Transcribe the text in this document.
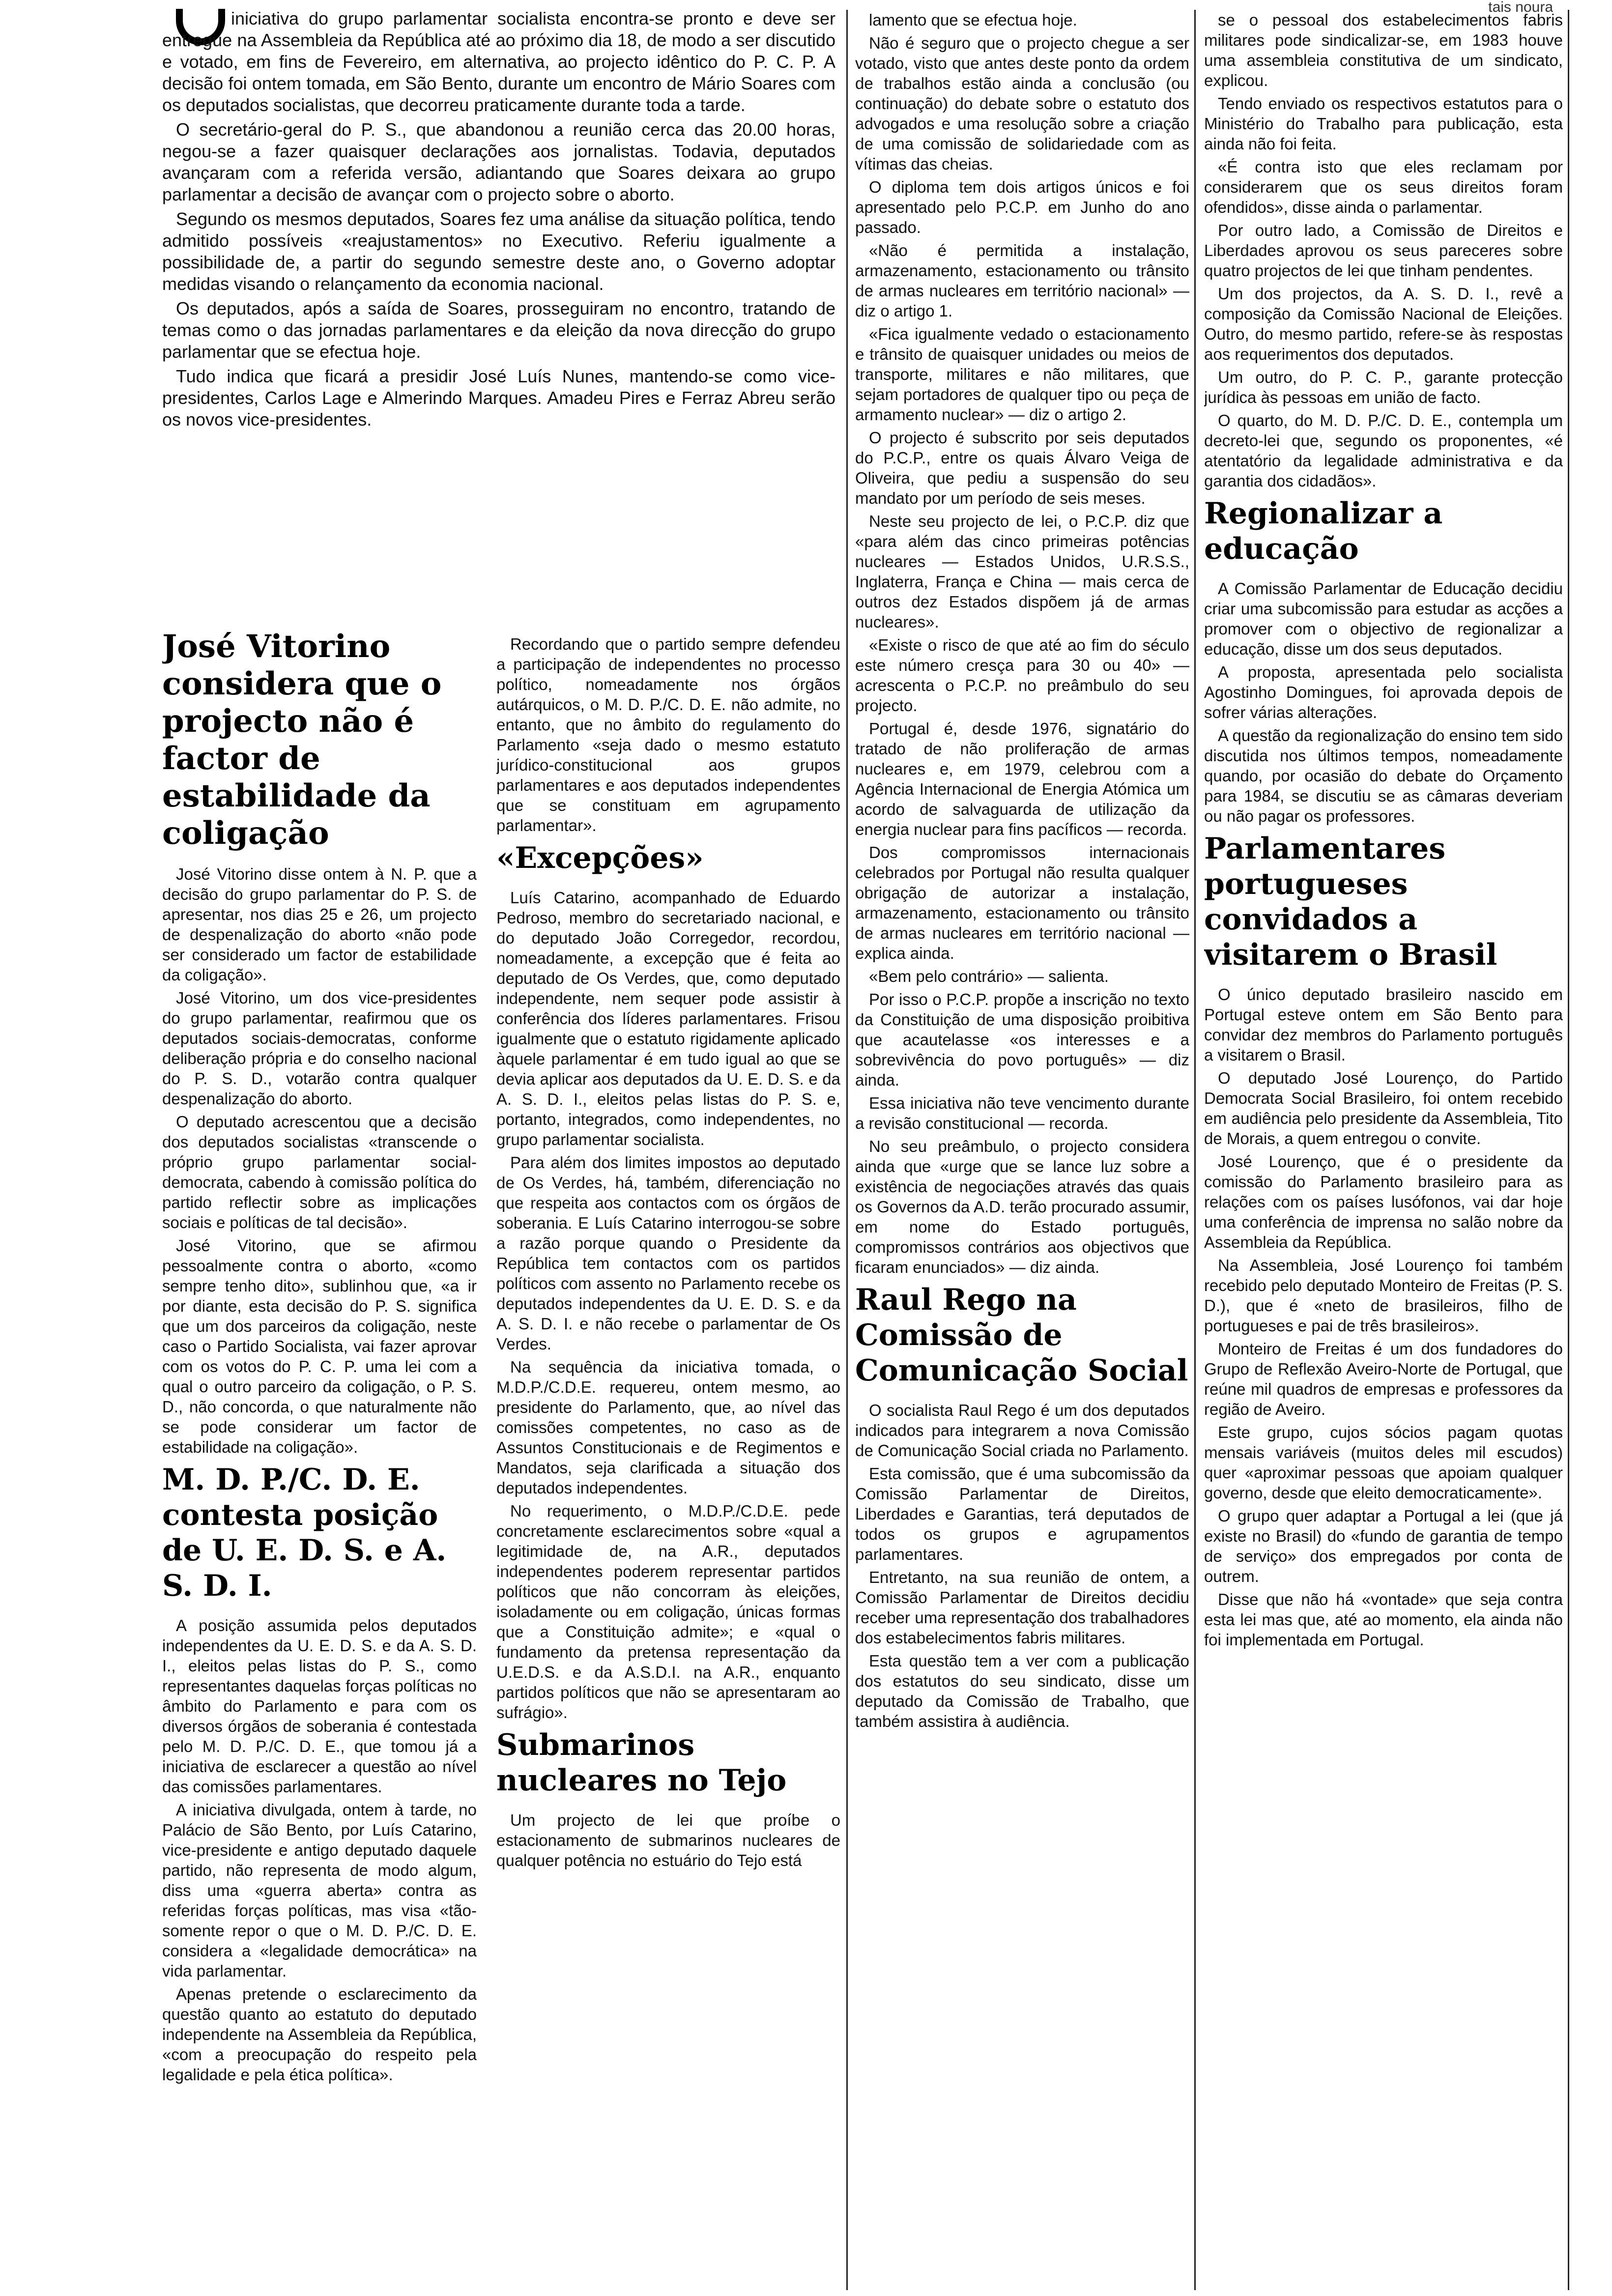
tais noura

iniciativa do grupo parlamentar socialista encontra-se pronto e deve ser entregue na Assembleia da República até ao próximo dia 18, de modo a ser discutido e votado, em fins de Fevereiro, em alternativa, ao projecto idêntico do P. C. P. A decisão foi ontem tomada, em São Bento, durante um encontro de Mário Soares com os deputados socialistas, que decorreu praticamente durante toda a tarde.

O secretário-geral do P. S., que abandonou a reunião cerca das 20.00 horas, negou-se a fazer quaisquer declarações aos jornalistas. Todavia, deputados avançaram com a referida versão, adiantando que Soares deixara ao grupo parlamentar a decisão de avançar com o projecto sobre o aborto.

Segundo os mesmos deputados, Soares fez uma análise da situação política, tendo admitido possíveis «reajustamentos» no Executivo. Referiu igualmente a possibilidade de, a partir do segundo semestre deste ano, o Governo adoptar medidas visando o relançamento da economia nacional.

Os deputados, após a saída de Soares, prosseguiram no encontro, tratando de temas como o das jornadas parlamentares e da eleição da nova direcção do grupo parlamentar que se efectua hoje.

Tudo indica que ficará a presidir José Luís Nunes, mantendo-se como vice-presidentes, Carlos Lage e Almerindo Marques. Amadeu Pires e Ferraz Abreu serão os novos vice-presidentes.

José Vitorino considera que o projecto não é factor de estabilidade da coligação

José Vitorino disse ontem à N. P. que a decisão do grupo parlamentar do P. S. de apresentar, nos dias 25 e 26, um projecto de despenalização do aborto «não pode ser considerado um factor de estabilidade da coligação».

José Vitorino, um dos vice-presidentes do grupo parlamentar, reafirmou que os deputados sociais-democratas, conforme deliberação própria e do conselho nacional do P. S. D., votarão contra qualquer despenalização do aborto.

O deputado acrescentou que a decisão dos deputados socialistas «transcende o próprio grupo parlamentar social-democrata, cabendo à comissão política do partido reflectir sobre as implicações sociais e políticas de tal decisão».

José Vitorino, que se afirmou pessoalmente contra o aborto, «como sempre tenho dito», sublinhou que, «a ir por diante, esta decisão do P. S. significa que um dos parceiros da coligação, neste caso o Partido Socialista, vai fazer aprovar com os votos do P. C. P. uma lei com a qual o outro parceiro da coligação, o P. S. D., não concorda, o que naturalmente não se pode considerar um factor de estabilidade na coligação».

M. D. P./C. D. E. contesta posição de U. E. D. S. e A. S. D. I.

A posição assumida pelos deputados independentes da U. E. D. S. e da A. S. D. I., eleitos pelas listas do P. S., como representantes daquelas forças políticas no âmbito do Parlamento e para com os diversos órgãos de soberania é contestada pelo M. D. P./C. D. E., que tomou já a iniciativa de esclarecer a questão ao nível das comissões parlamentares.

A iniciativa divulgada, ontem à tarde, no Palácio de São Bento, por Luís Catarino, vice-presidente e antigo deputado daquele partido, não representa de modo algum, diss uma «guerra aberta» contra as referidas forças políticas, mas visa «tão-somente repor o que o M. D. P./C. D. E. considera a «legalidade democrática» na vida parlamentar.

Apenas pretende o esclarecimento da questão quanto ao estatuto do deputado independente na Assembleia da República, «com a preocupação do respeito pela legalidade e pela ética política».

Recordando que o partido sempre defendeu a participação de independentes no processo político, nomeadamente nos órgãos autárquicos, o M. D. P./C. D. E. não admite, no entanto, que no âmbito do regulamento do Parlamento «seja dado o mesmo estatuto jurídico-constitucional aos grupos parlamentares e aos deputados independentes que se constituam em agrupamento parlamentar».

«Excepções»

Luís Catarino, acompanhado de Eduardo Pedroso, membro do secretariado nacional, e do deputado João Corregedor, recordou, nomeadamente, a excepção que é feita ao deputado de Os Verdes, que, como deputado independente, nem sequer pode assistir à conferência dos líderes parlamentares. Frisou igualmente que o estatuto rigidamente aplicado àquele parlamentar é em tudo igual ao que se devia aplicar aos deputados da U. E. D. S. e da A. S. D. I., eleitos pelas listas do P. S. e, portanto, integrados, como independentes, no grupo parlamentar socialista.

Para além dos limites impostos ao deputado de Os Verdes, há, também, diferenciação no que respeita aos contactos com os órgãos de soberania. E Luís Catarino interrogou-se sobre a razão porque quando o Presidente da República tem contactos com os partidos políticos com assento no Parlamento recebe os deputados independentes da U. E. D. S. e da A. S. D. I. e não recebe o parlamentar de Os Verdes.

Na sequência da iniciativa tomada, o M.D.P./C.D.E. requereu, ontem mesmo, ao presidente do Parlamento, que, ao nível das comissões competentes, no caso as de Assuntos Constitucionais e de Regimentos e Mandatos, seja clarificada a situação dos deputados independentes.

No requerimento, o M.D.P./C.D.E. pede concretamente esclarecimentos sobre «qual a legitimidade de, na A.R., deputados independentes poderem representar partidos políticos que não concorram às eleições, isoladamente ou em coligação, únicas formas que a Constituição admite»; e «qual o fundamento da pretensa representação da U.E.D.S. e da A.S.D.I. na A.R., enquanto partidos políticos que não se apresentaram ao sufrágio».

Submarinos nucleares no Tejo

Um projecto de lei que proíbe o estacionamento de submarinos nucleares de qualquer potência no estuário do Tejo está

lamento que se efectua hoje.

Não é seguro que o projecto chegue a ser votado, visto que antes deste ponto da ordem de trabalhos estão ainda a conclusão (ou continuação) do debate sobre o estatuto dos advogados e uma resolução sobre a criação de uma comissão de solidariedade com as vítimas das cheias.

O diploma tem dois artigos únicos e foi apresentado pelo P.C.P. em Junho do ano passado.

«Não é permitida a instalação, armazenamento, estacionamento ou trânsito de armas nucleares em território nacional» — diz o artigo 1.

«Fica igualmente vedado o estacionamento e trânsito de quaisquer unidades ou meios de transporte, militares e não militares, que sejam portadores de qualquer tipo ou peça de armamento nuclear» — diz o artigo 2.

O projecto é subscrito por seis deputados do P.C.P., entre os quais Álvaro Veiga de Oliveira, que pediu a suspensão do seu mandato por um período de seis meses.

Neste seu projecto de lei, o P.C.P. diz que «para além das cinco primeiras potências nucleares — Estados Unidos, U.R.S.S., Inglaterra, França e China — mais cerca de outros dez Estados dispõem já de armas nucleares».

«Existe o risco de que até ao fim do século este número cresça para 30 ou 40» — acrescenta o P.C.P. no preâmbulo do seu projecto.

Portugal é, desde 1976, signatário do tratado de não proliferação de armas nucleares e, em 1979, celebrou com a Agência Internacional de Energia Atómica um acordo de salvaguarda de utilização da energia nuclear para fins pacíficos — recorda.

Dos compromissos internacionais celebrados por Portugal não resulta qualquer obrigação de autorizar a instalação, armazenamento, estacionamento ou trânsito de armas nucleares em território nacional — explica ainda.

«Bem pelo contrário» — salienta.

Por isso o P.C.P. propõe a inscrição no texto da Constituição de uma disposição proibitiva que acautelasse «os interesses e a sobrevivência do povo português» — diz ainda.

Essa iniciativa não teve vencimento durante a revisão constitucional — recorda.

No seu preâmbulo, o projecto considera ainda que «urge que se lance luz sobre a existência de negociações através das quais os Governos da A.D. terão procurado assumir, em nome do Estado português, compromissos contrários aos objectivos que ficaram enunciados» — diz ainda.

Raul Rego na Comissão de Comunicação Social

O socialista Raul Rego é um dos deputados indicados para integrarem a nova Comissão de Comunicação Social criada no Parlamento.

Esta comissão, que é uma subcomissão da Comissão Parlamentar de Direitos, Liberdades e Garantias, terá deputados de todos os grupos e agrupamentos parlamentares.

Entretanto, na sua reunião de ontem, a Comissão Parlamentar de Direitos decidiu receber uma representação dos trabalhadores dos estabelecimentos fabris militares.

Esta questão tem a ver com a publicação dos estatutos do seu sindicato, disse um deputado da Comissão de Trabalho, que também assistira à audiência.

se o pessoal dos estabelecimentos fabris militares pode sindicalizar-se, em 1983 houve uma assembleia constitutiva de um sindicato, explicou.

Tendo enviado os respectivos estatutos para o Ministério do Trabalho para publicação, esta ainda não foi feita.

«É contra isto que eles reclamam por considerarem que os seus direitos foram ofendidos», disse ainda o parlamentar.

Por outro lado, a Comissão de Direitos e Liberdades aprovou os seus pareceres sobre quatro projectos de lei que tinham pendentes.

Um dos projectos, da A. S. D. I., revê a composição da Comissão Nacional de Eleições. Outro, do mesmo partido, refere-se às respostas aos requerimentos dos deputados.

Um outro, do P. C. P., garante protecção jurídica às pessoas em união de facto.

O quarto, do M. D. P./C. D. E., contempla um decreto-lei que, segundo os proponentes, «é atentatório da legalidade administrativa e da garantia dos cidadãos».

Regionalizar a educação

A Comissão Parlamentar de Educação decidiu criar uma subcomissão para estudar as acções a promover com o objectivo de regionalizar a educação, disse um dos seus deputados.

A proposta, apresentada pelo socialista Agostinho Domingues, foi aprovada depois de sofrer várias alterações.

A questão da regionalização do ensino tem sido discutida nos últimos tempos, nomeadamente quando, por ocasião do debate do Orçamento para 1984, se discutiu se as câmaras deveriam ou não pagar os professores.

Parlamentares portugueses convidados a visitarem o Brasil

O único deputado brasileiro nascido em Portugal esteve ontem em São Bento para convidar dez membros do Parlamento português a visitarem o Brasil.

O deputado José Lourenço, do Partido Democrata Social Brasileiro, foi ontem recebido em audiência pelo presidente da Assembleia, Tito de Morais, a quem entregou o convite.

José Lourenço, que é o presidente da comissão do Parlamento brasileiro para as relações com os países lusófonos, vai dar hoje uma conferência de imprensa no salão nobre da Assembleia da República.

Na Assembleia, José Lourenço foi também recebido pelo deputado Monteiro de Freitas (P. S. D.), que é «neto de brasileiros, filho de portugueses e pai de três brasileiros».

Monteiro de Freitas é um dos fundadores do Grupo de Reflexão Aveiro-Norte de Portugal, que reúne mil quadros de empresas e professores da região de Aveiro.

Este grupo, cujos sócios pagam quotas mensais variáveis (muitos deles mil escudos) quer «aproximar pessoas que apoiam qualquer governo, desde que eleito democraticamente».

O grupo quer adaptar a Portugal a lei (que já existe no Brasil) do «fundo de garantia de tempo de serviço» dos empregados por conta de outrem.

Disse que não há «vontade» que seja contra esta lei mas que, até ao momento, ela ainda não foi implementada em Portugal.
